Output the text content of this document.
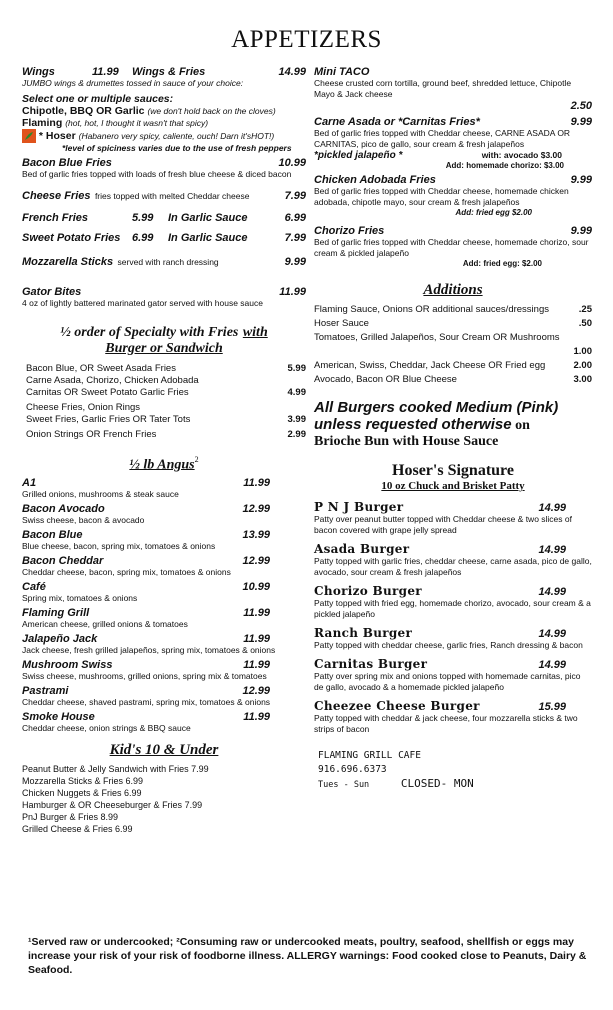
APPETIZERS
Wings	11.99	Wings & Fries	14.99
JUMBO wings & drumettes tossed in sauce of your choice:
Select one or multiple sauces:
Chipotle, BBQ OR Garlic (we don't hold back on the cloves)
Flaming (hot, hot, I thought it wasn't that spicy)
* Hoser (Habanero very spicy, caliente, ouch! Darn it'sHOT!)
*level of spiciness varies due to the use of fresh peppers
Bacon Blue Fries	10.99
Bed of garlic fries topped with loads of fresh blue cheese & diced bacon
Cheese Fries fries topped with melted Cheddar cheese	7.99
French Fries	5.99	In Garlic Sauce	6.99
Sweet Potato Fries	6.99	In Garlic Sauce	7.99
Mozzarella Sticks served with ranch dressing	9.99
Gator Bites	11.99
4 oz of lightly battered marinated gator served with house sauce
½ order of Specialty with Fries with
Burger or Sandwich
Bacon Blue, OR Sweet Asada Fries	5.99
Carne Asada, Chorizo, Chicken Adobada
Carnitas OR Sweet Potato Garlic Fries	4.99
Cheese Fries, Onion Rings
Sweet Fries, Garlic Fries OR Tater Tots	3.99
Onion Strings OR French Fries	2.99
½ lb Angus$^2$
A1	11.99
Grilled onions, mushrooms & steak sauce
Bacon Avocado	12.99
Swiss cheese, bacon & avocado
Bacon Blue	13.99
Blue cheese, bacon, spring mix, tomatoes & onions
Bacon Cheddar	12.99
Cheddar cheese, bacon, spring mix, tomatoes & onions
Café	10.99
Spring mix, tomatoes & onions
Flaming Grill	11.99
American cheese, grilled onions & tomatoes
Jalapeño Jack	11.99
Jack cheese, fresh grilled jalapeños, spring mix, tomatoes & onions
Mushroom Swiss	11.99
Swiss cheese, mushrooms, grilled onions, spring mix & tomatoes
Pastrami	12.99
Cheddar cheese, shaved pastrami, spring mix, tomatoes & onions
Smoke House	11.99
Cheddar cheese, onion strings & BBQ sauce
Kid's 10 & Under
Peanut Butter & Jelly Sandwich with Fries 7.99
Mozzarella Sticks & Fries 6.99
Chicken Nuggets & Fries 6.99
Hamburger & OR Cheeseburger & Fries 7.99
PnJ Burger & Fries 8.99
Grilled Cheese & Fries 6.99
Mini TACO
Cheese crusted corn tortilla, ground beef, shredded lettuce, Chipotle Mayo & Jack cheese
2.50
Carne Asada or *Carnitas Fries*	9.99
Bed of garlic fries topped with Cheddar cheese, CARNE ASADA OR CARNITAS, pico de gallo, sour cream & fresh jalapeños
*pickled jalapeño *	with: avocado $3.00
Add: homemade chorizo: $3.00
Chicken Adobada Fries	9.99
Bed of garlic fries topped with Cheddar cheese, homemade chicken adobada, chipotle mayo, sour cream & fresh jalapeños
Add: fried egg $2.00
Chorizo Fries	9.99
Bed of garlic fries topped with Cheddar cheese, homemade chorizo, sour cream & pickled jalapeño
Add: fried egg: $2.00
Additions
Flaming Sauce, Onions OR additional sauces/dressings	.25
Hoser Sauce	.50
Tomatoes, Grilled Jalapeños, Sour Cream OR Mushrooms
1.00
American, Swiss, Cheddar, Jack Cheese OR Fried egg	2.00
Avocado, Bacon OR Blue Cheese	3.00
All Burgers cooked Medium (Pink)
unless requested otherwise on
Brioche Bun with House Sauce
Hoser's Signature
10 oz Chuck and Brisket Patty
P N J Burger	14.99
Patty over peanut butter topped with Cheddar cheese & two slices of bacon covered with grape jelly spread
Asada Burger	14.99
Patty topped with garlic fries, cheddar cheese, carne asada, pico de gallo, avocado, sour cream & fresh jalapeños
Chorizo Burger	14.99
Patty topped with fried egg, homemade chorizo, avocado, sour cream & a pickled jalapeño
Ranch Burger	14.99
Patty topped with cheddar cheese, garlic fries, Ranch dressing & bacon
Carnitas Burger	14.99
Patty over spring mix and onions topped with homemade carnitas, pico de gallo, avocado & a homemade pickled jalapeño
Cheezee Cheese Burger	15.99
Patty topped with cheddar & jack cheese, four mozzarella sticks & two strips of bacon
FLAMING GRILL CAFE
916.696.6373
Tues - Sun	CLOSED- MON
¹Served raw or undercooked; ²Consuming raw or undercooked meats, poultry, seafood, shellfish or eggs may increase your risk of your risk of foodborne illness. ALLERGY warnings: Food cooked close to Peanuts, Dairy & Seafood.
